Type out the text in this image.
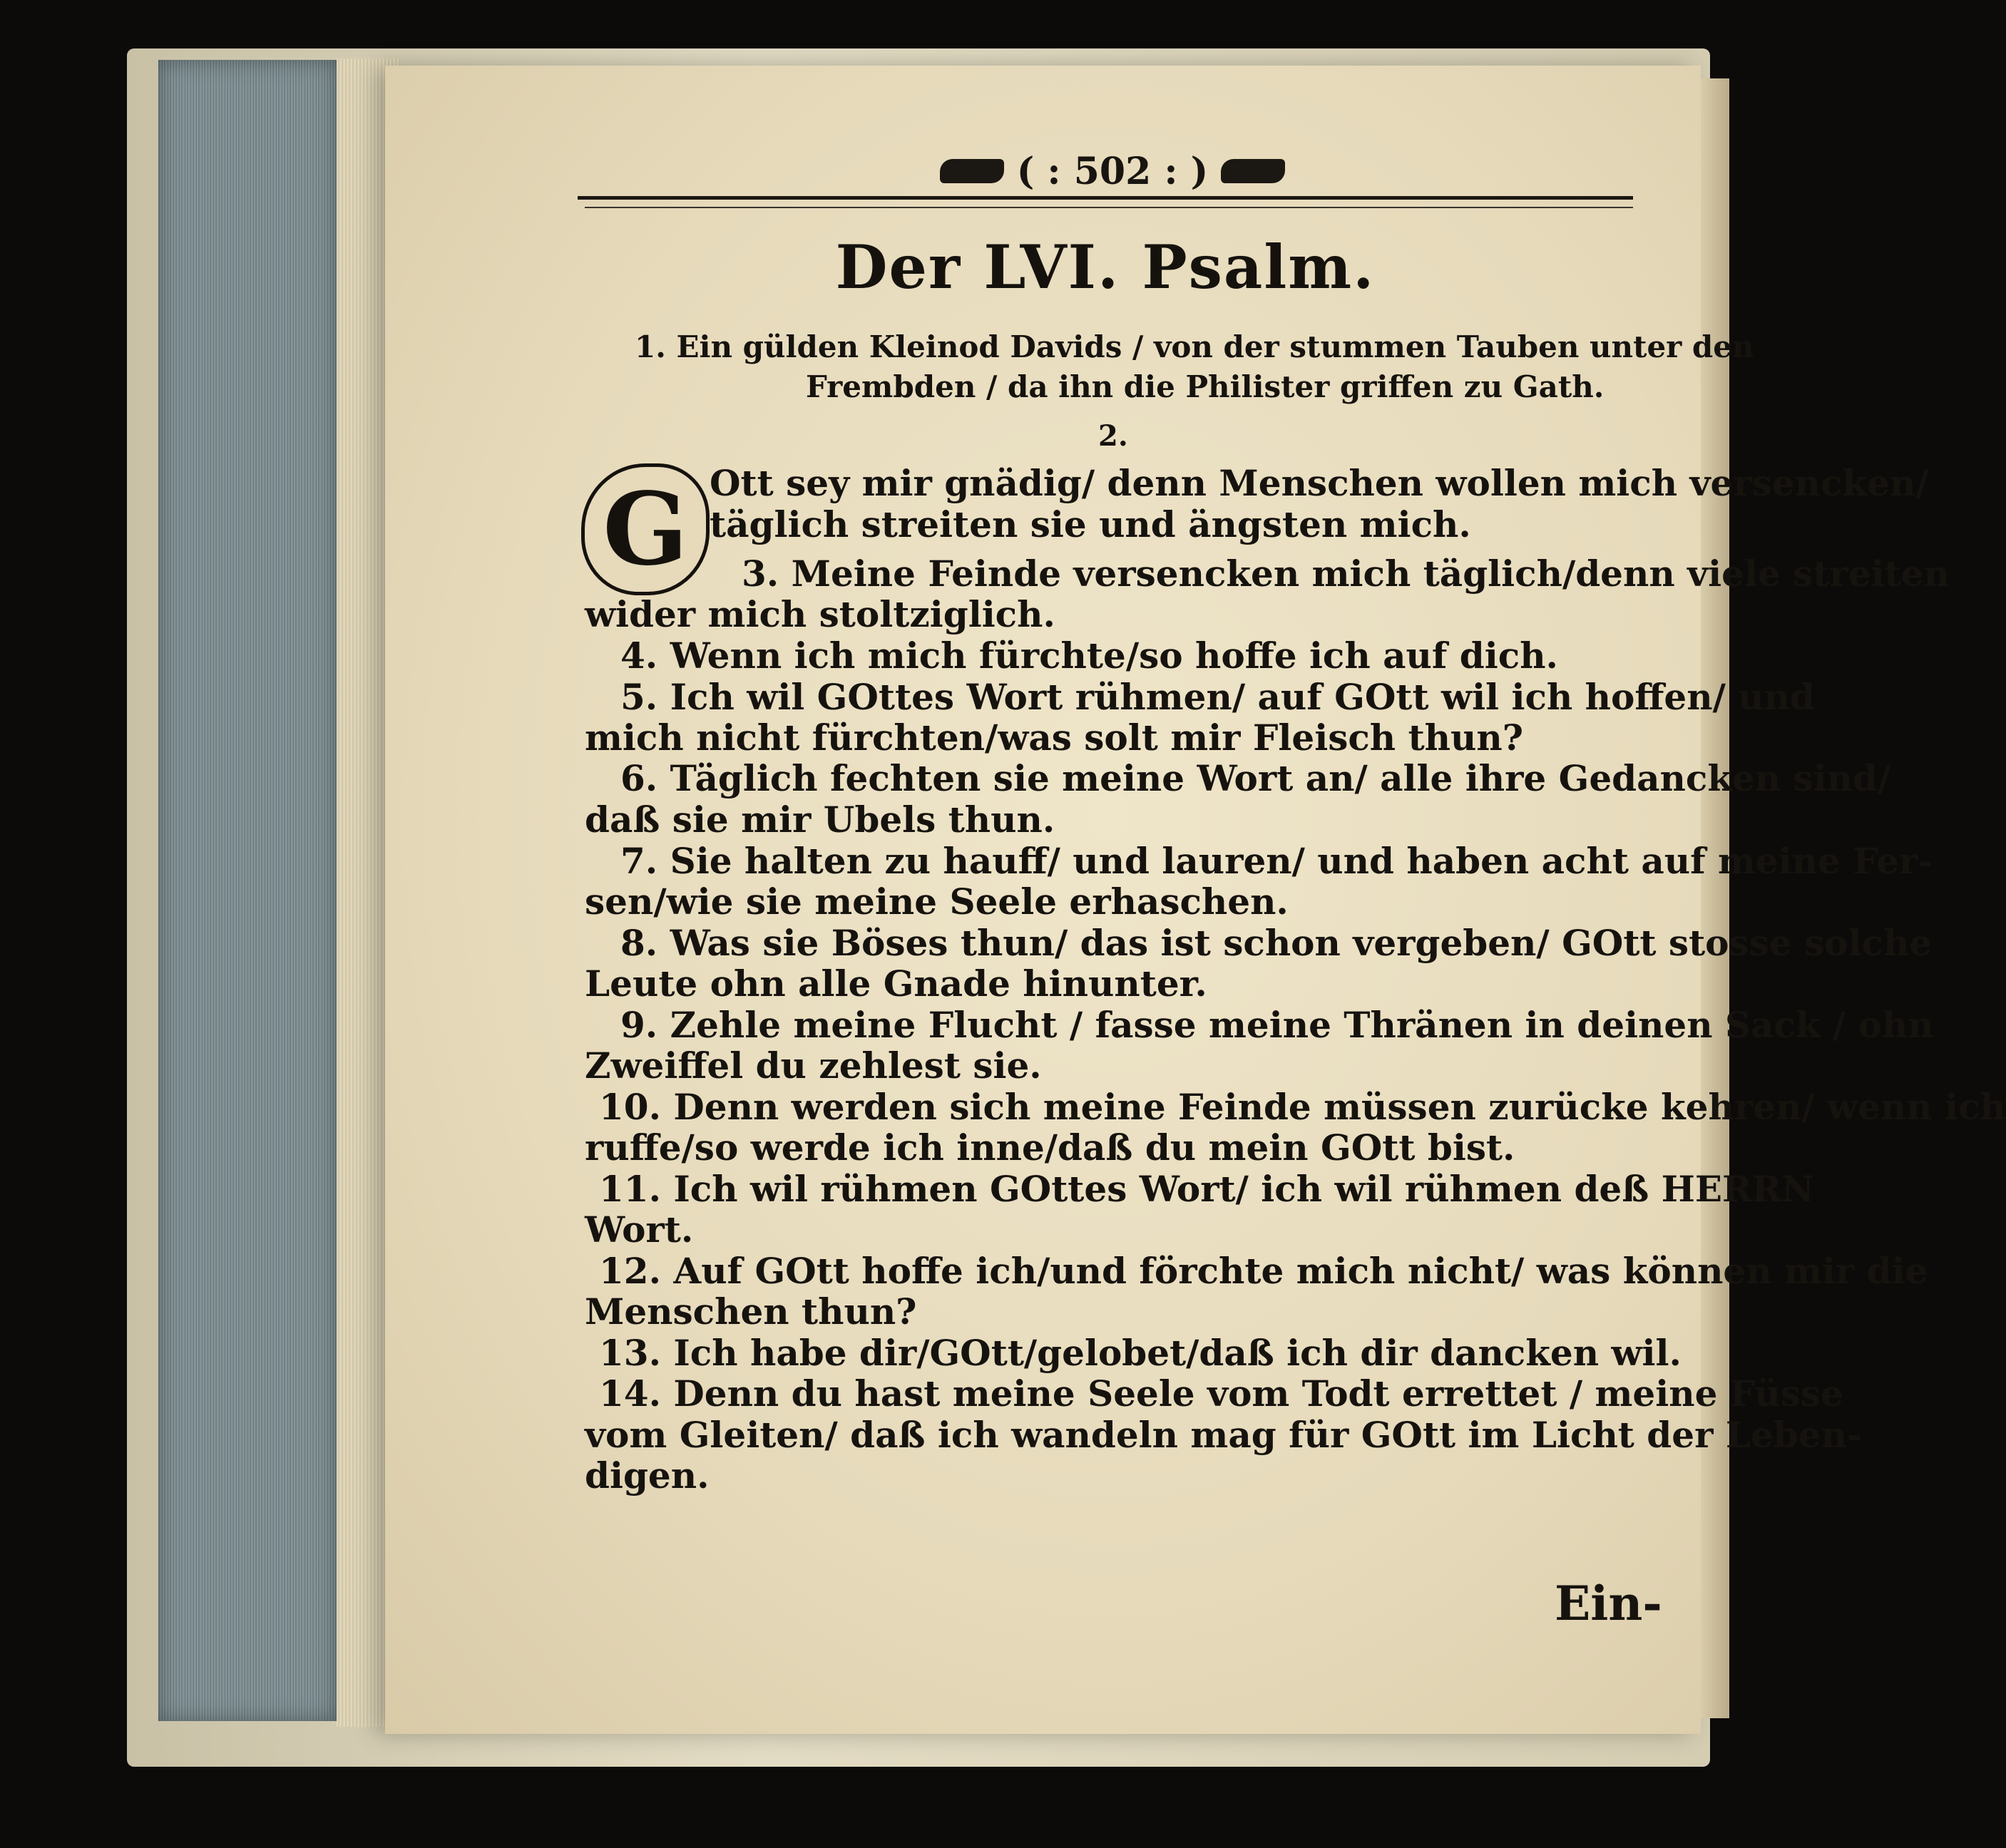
( : 502 : )
Der LVI. Psalm.
1. Ein gülden Kleinod Davids / von der stummen Tauben unter den
Frembden / da ihn die Philister griffen zu Gath.
2.
G Ott sey mir gnädig/ denn Menschen wollen mich versencken/
täglich streiten sie und ängsten mich.
3. Meine Feinde versencken mich täglich/denn viele streiten
wider mich stoltziglich.
4. Wenn ich mich fürchte/so hoffe ich auf dich.
5. Ich wil GOttes Wort rühmen/ auf GOtt wil ich hoffen/ und
mich nicht fürchten/was solt mir Fleisch thun?
6. Täglich fechten sie meine Wort an/ alle ihre Gedancken sind/
daß sie mir Ubels thun.
7. Sie halten zu hauff/ und lauren/ und haben acht auf meine Fer-
sen/wie sie meine Seele erhaschen.
8. Was sie Böses thun/ das ist schon vergeben/ GOtt stosse solche
Leute ohn alle Gnade hinunter.
9. Zehle meine Flucht / fasse meine Thränen in deinen Sack / ohn
Zweiffel du zehlest sie.
10. Denn werden sich meine Feinde müssen zurücke kehren/ wenn ich
ruffe/so werde ich inne/daß du mein GOtt bist.
11. Ich wil rühmen GOttes Wort/ ich wil rühmen deß HERRN
Wort.
12. Auf GOtt hoffe ich/und förchte mich nicht/ was können mir die
Menschen thun?
13. Ich habe dir/GOtt/gelobet/daß ich dir dancken wil.
14. Denn du hast meine Seele vom Todt errettet / meine Füsse
vom Gleiten/ daß ich wandeln mag für GOtt im Licht der Leben-
digen.
Ein-
